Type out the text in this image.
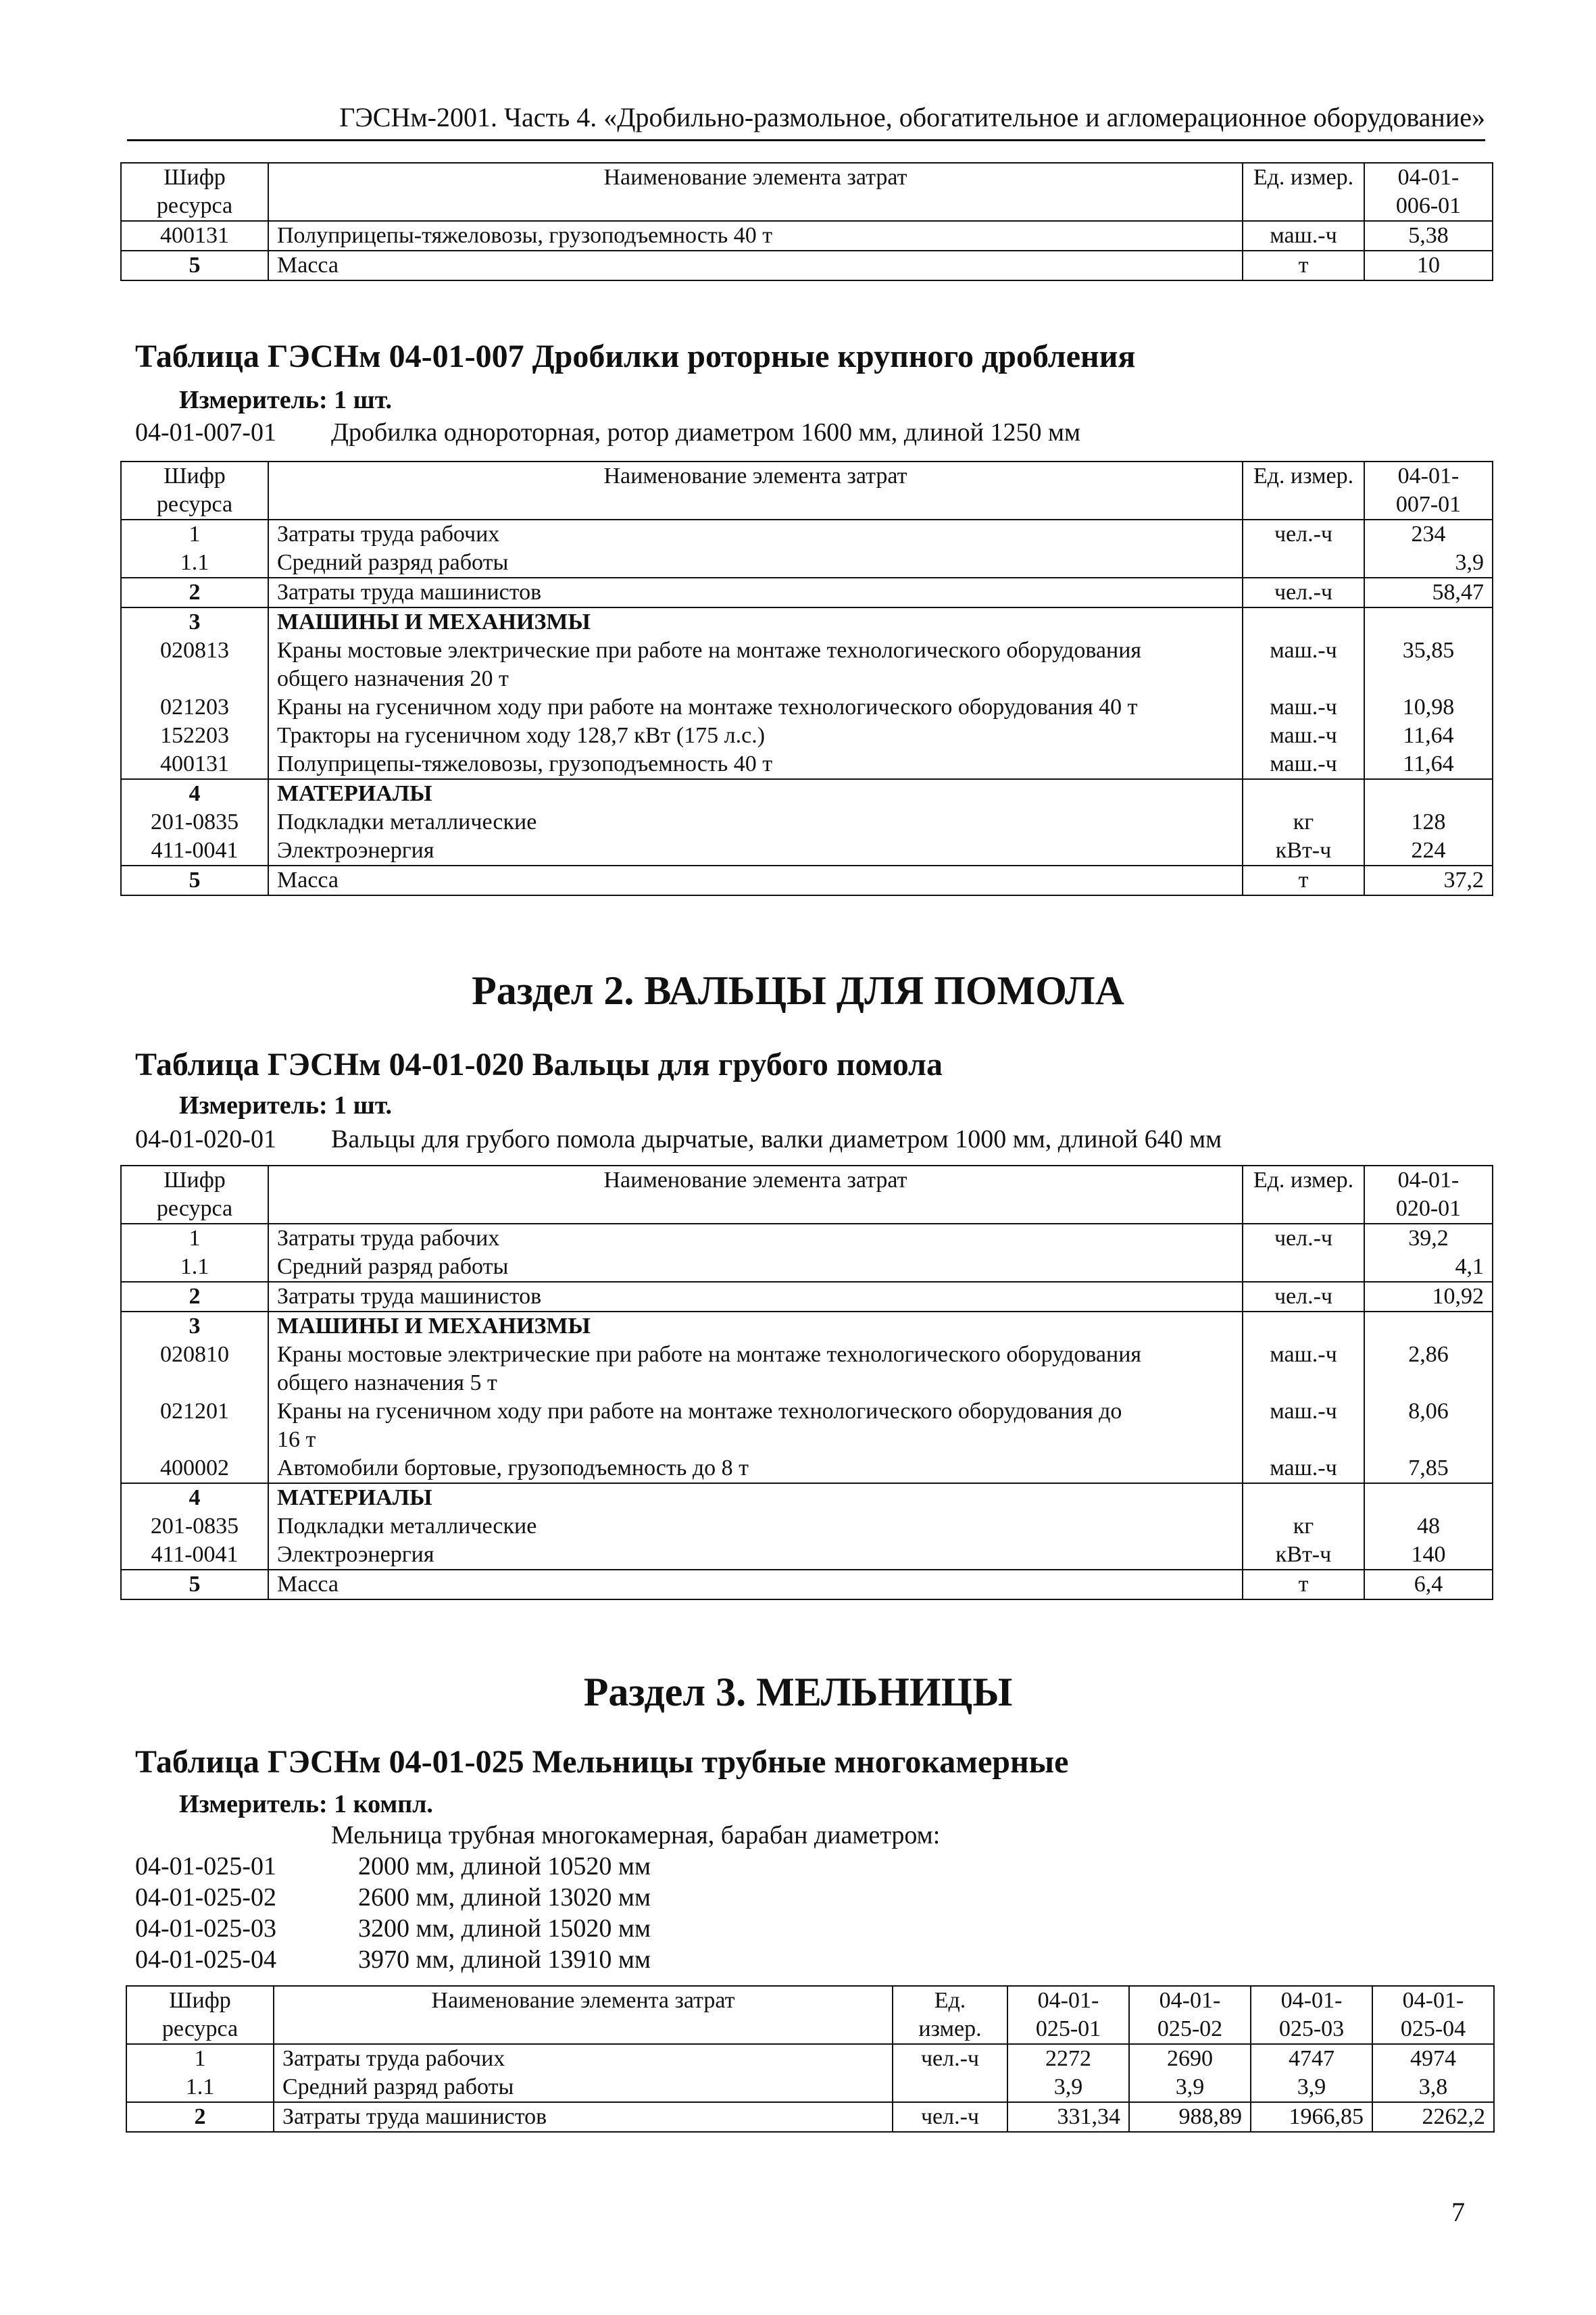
ГЭСНм-2001. Часть 4. «Дробильно-размольное, обогатительное и агломерационное оборудование»
Шифр
ресурса	Наименование элемента затрат	Ед. измер.	04-01-
006-01

400131	Полуприцепы-тяжеловозы, грузоподъемность 40 т	маш.-ч	5,38
5	Масса	т	10
Таблица ГЭСНм 04-01-007 Дробилки роторные крупного дробления
Измеритель: 1 шт.
04-01-007-01 Дробилка однороторная, ротор диаметром 1600 мм, длиной 1250 мм
Шифр
ресурса	Наименование элемента затрат	Ед. измер.	04-01-
007-01

1	Затраты труда рабочих	чел.-ч	234
1.1	Средний разряд работы		3,9
2	Затраты труда машинистов	чел.-ч	58,47
3	МАШИНЫ И МЕХАНИЗМЫ		
020813	Краны мостовые электрические при работе на монтаже технологического оборудования
общего назначения 20 т	маш.-ч	35,85
021203	Краны на гусеничном ходу при работе на монтаже технологического оборудования 40 т	маш.-ч	10,98
152203	Тракторы на гусеничном ходу 128,7 кВт (175 л.с.)	маш.-ч	11,64
400131	Полуприцепы-тяжеловозы, грузоподъемность 40 т	маш.-ч	11,64
4	МАТЕРИАЛЫ		
201-0835	Подкладки металлические	кг	128
411-0041	Электроэнергия	кВт-ч	224
5	Масса	т	37,2
Раздел 2. ВАЛЬЦЫ ДЛЯ ПОМОЛА
Таблица ГЭСНм 04-01-020 Вальцы для грубого помола
Измеритель: 1 шт.
04-01-020-01 Вальцы для грубого помола дырчатые, валки диаметром 1000 мм, длиной 640 мм
Шифр
ресурса	Наименование элемента затрат	Ед. измер.	04-01-
020-01

1	Затраты труда рабочих	чел.-ч	39,2
1.1	Средний разряд работы		4,1
2	Затраты труда машинистов	чел.-ч	10,92
3	МАШИНЫ И МЕХАНИЗМЫ		
020810	Краны мостовые электрические при работе на монтаже технологического оборудования
общего назначения 5 т	маш.-ч	2,86
021201	Краны на гусеничном ходу при работе на монтаже технологического оборудования до
16 т	маш.-ч	8,06
400002	Автомобили бортовые, грузоподъемность до 8 т	маш.-ч	7,85
4	МАТЕРИАЛЫ		
201-0835	Подкладки металлические	кг	48
411-0041	Электроэнергия	кВт-ч	140
5	Масса	т	6,4
Раздел 3. МЕЛЬНИЦЫ
Таблица ГЭСНм 04-01-025 Мельницы трубные многокамерные
Измеритель: 1 компл.
Мельница трубная многокамерная, барабан диаметром:
04-01-025-01	2000 мм, длиной 10520 мм
04-01-025-02	2600 мм, длиной 13020 мм
04-01-025-03	3200 мм, длиной 15020 мм
04-01-025-04	3970 мм, длиной 13910 мм
Шифр
ресурса	Наименование элемента затрат	Ед. измер.	04-01-
025-01	04-01-
025-02	04-01-
025-03	04-01-
025-04

1	Затраты труда рабочих	чел.-ч	2272	2690	4747	4974
1.1	Средний разряд работы		3,9	3,9	3,9	3,8
2	Затраты труда машинистов	чел.-ч	331,34	988,89	1966,85	2262,2
7
